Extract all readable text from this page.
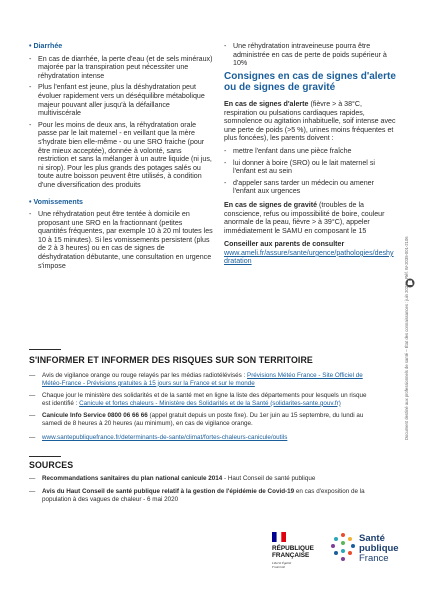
• Diarrhée
- En cas de diarrhée, la perte d'eau (et de sels minéraux) majorée par la transpiration peut nécessiter une réhydratation intense
- Plus l'enfant est jeune, plus la déshydratation peut évoluer rapidement vers un déséquilibre métabolique majeur pouvant aller jusqu'à la défaillance multiviscérale
- Pour les moins de deux ans, la réhydratation orale passe par le lait maternel - en veillant que la mère s'hydrate bien elle-même - ou une SRO fraiche (pour être mieux acceptée), donnée à volonté, sans restriction et sans la mélanger à un autre liquide (ni jus, ni sirop). Pour les plus grands des potages salés ou toute autre boisson peuvent être utilisés, à condition d'une diversification des produits
• Vomissements
- Une réhydratation peut être tentée à domicile en proposant une SRO en la fractionnant (petites quantités fréquentes, par exemple 10 à 20 ml toutes les 10 à 15 minutes). Si les vomissements persistent (plus de 2 à 3 heures) ou en cas de signes de déshydratation débutante, une consultation en urgence s'impose
- Une réhydratation intraveineuse pourra être administrée en cas de perte de poids supérieur à 10%
Consignes en cas de signes d'alerte ou de signes de gravité

En cas de signes d'alerte (fièvre > à 38°C, respiration ou pulsations cardiaques rapides, somnolence ou agitation inhabituelle, soif intense avec une perte de poids (>5 %), urines moins fréquentes et plus foncées), les parents doivent :

- mettre l'enfant dans une pièce fraîche
- lui donner à boire (SRO) ou le lait maternel si l'enfant est au sein
- d'appeler sans tarder un médecin ou amener l'enfant aux urgences

En cas de signes de gravité (troubles de la conscience, refus ou impossibilité de boire, couleur anormale de la peau, fièvre > à 39°C), appeler immédiatement le SAMU en composant le 15

Conseiller aux parents de consulter
www.ameli.fr/assure/sante/urgence/pathologies/deshydratation	Document destiné aux professionnels de santé – État des connaissances : juin 2021 – Réf. W-2035-001-2106
S'INFORMER ET INFORMER DES RISQUES SUR SON TERRITOIRE
— Avis de vigilance orange ou rouge relayés par les médias radiotélévisés : Prévisions Météo France - Site Officiel de Météo-France - Prévisions gratuites à 15 jours sur la France et sur le monde
— Chaque jour le ministère des solidarités et de la santé met en ligne la liste des départements pour lesquels un risque est identifié : Canicule et fortes chaleurs - Ministère des Solidarités et de la Santé (solidarites-sante.gouv.fr)
— Canicule Info Service 0800 06 66 66 (appel gratuit depuis un poste fixe). Du 1er juin au 15 septembre, du lundi au samedi de 8 heures à 20 heures (au minimum), en cas de vigilance orange.
— www.santepubliquefrance.fr/determinants-de-sante/climat/fortes-chaleurs-canicule/outils
SOURCES
— Recommandations sanitaires du plan national canicule 2014 - Haut Conseil de santé publique
— Avis du Haut Conseil de santé publique relatif à la gestion de l'épidémie de Covid-19 en cas d'exposition de la population à des vagues de chaleur - 6 mai 2020
RÉPUBLIQUE
FRANÇAISE
Liberté Égalité Fraternité
Santé
publique
France
